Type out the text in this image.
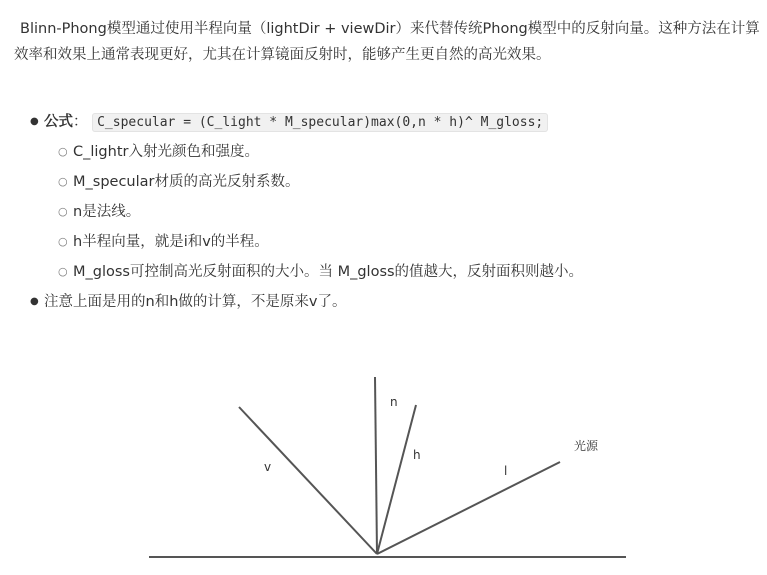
Blinn-Phong模型通过使用半程向量（lightDir + viewDir）来代替传统Phong模型中的反射向量。这种方法在计算效率和效果上通常表现更好，尤其在计算镜面反射时，能够产生更自然的高光效果。

● 公式： C_specular = (C_light * M_specular)max(0,n * h)^ M_gloss;
○ C_lightr入射光颜色和强度。
○ M_specular材质的高光反射系数。
○ n是法线。
○ h半程向量，就是i和v的半程。
○ M_gloss可控制高光反射面积的大小。当 M_gloss的值越大，反射面积则越小。
● 注意上面是用的n和h做的计算，不是原来v了。
n
h
v	l
光源
